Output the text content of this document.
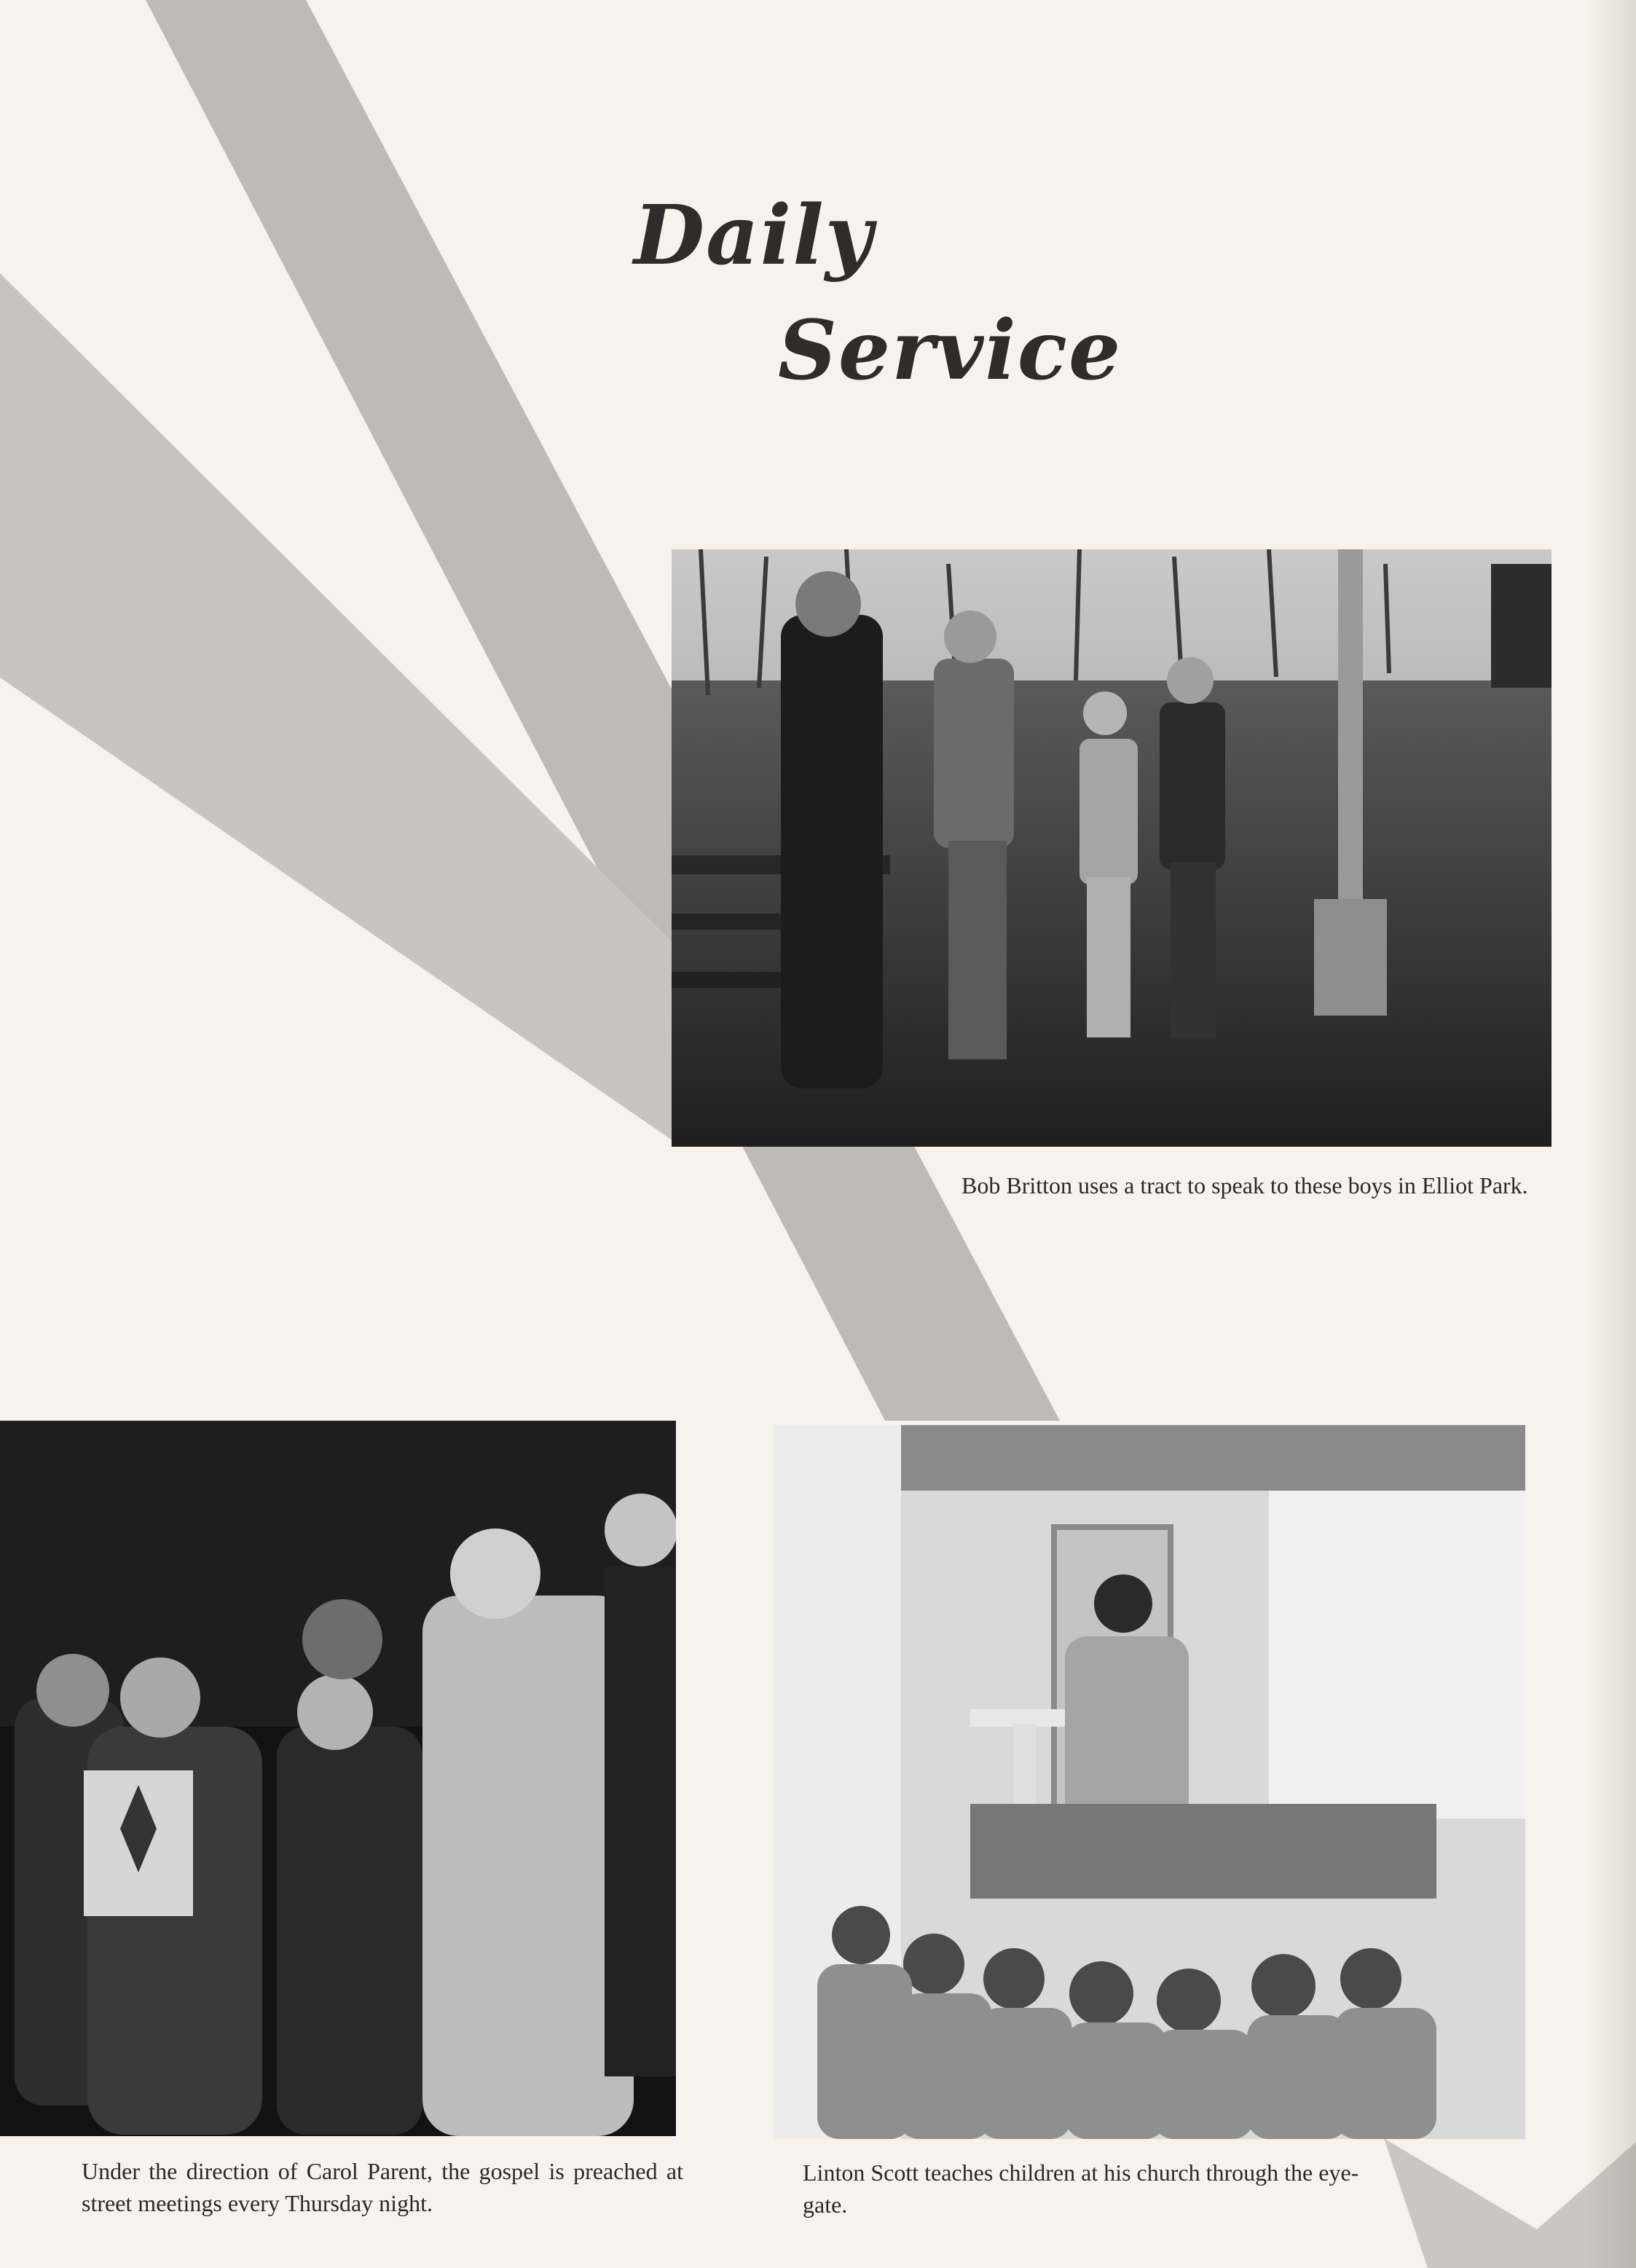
Daily
Service
Bob Britton uses a tract to speak to these boys in Elliot Park.
Under the direction of Carol Parent, the gospel is preached at street meetings every Thursday night.
Linton Scott teaches children at his church through the eye-gate.
